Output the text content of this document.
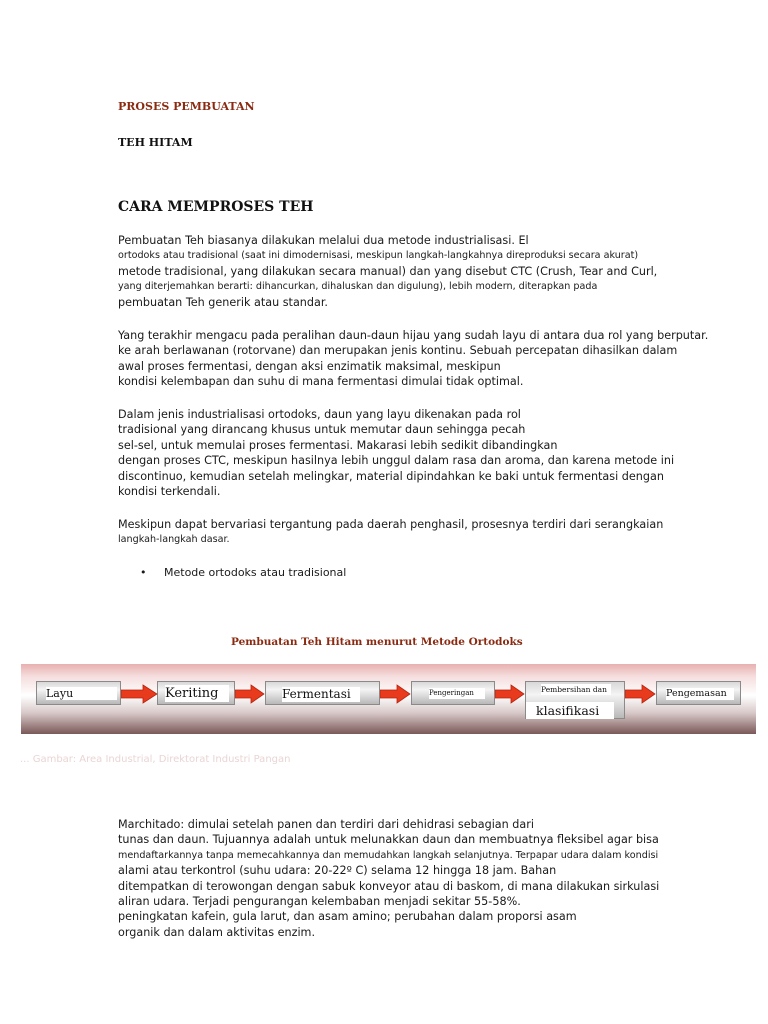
PROSES PEMBUATAN
TEH HITAM
CARA MEMPROSES TEH
Pembuatan Teh biasanya dilakukan melalui dua metode industrialisasi. El
ortodoks atau tradisional (saat ini dimodernisasi, meskipun langkah-langkahnya direproduksi secara akurat)
metode tradisional, yang dilakukan secara manual) dan yang disebut CTC (Crush, Tear and Curl,
yang diterjemahkan berarti: dihancurkan, dihaluskan dan digulung), lebih modern, diterapkan pada
pembuatan Teh generik atau standar.
Yang terakhir mengacu pada peralihan daun-daun hijau yang sudah layu di antara dua rol yang berputar.
ke arah berlawanan (rotorvane) dan merupakan jenis kontinu. Sebuah percepatan dihasilkan dalam
awal proses fermentasi, dengan aksi enzimatik maksimal, meskipun
kondisi kelembapan dan suhu di mana fermentasi dimulai tidak optimal.
Dalam jenis industrialisasi ortodoks, daun yang layu dikenakan pada rol
tradisional yang dirancang khusus untuk memutar daun sehingga pecah
sel-sel, untuk memulai proses fermentasi. Makarasi lebih sedikit dibandingkan
dengan proses CTC, meskipun hasilnya lebih unggul dalam rasa dan aroma, dan karena metode ini
discontinuo, kemudian setelah melingkar, material dipindahkan ke baki untuk fermentasi dengan
kondisi terkendali.
Meskipun dapat bervariasi tergantung pada daerah penghasil, prosesnya terdiri dari serangkaian
langkah-langkah dasar.
• Metode ortodoks atau tradisional
Pembuatan Teh Hitam menurut Metode Ortodoks
Layu	Keriting	Fermentasi	Pengeringan	Pembersihan dan
klasifikasi
Pengemasan
... Gambar: Area Industrial, Direktorat Industri Pangan
Marchitado: dimulai setelah panen dan terdiri dari dehidrasi sebagian dari
tunas dan daun. Tujuannya adalah untuk melunakkan daun dan membuatnya fleksibel agar bisa
mendaftarkannya tanpa memecahkannya dan memudahkan langkah selanjutnya. Terpapar udara dalam kondisi
alami atau terkontrol (suhu udara: 20-22º C) selama 12 hingga 18 jam. Bahan
ditempatkan di terowongan dengan sabuk konveyor atau di baskom, di mana dilakukan sirkulasi
aliran udara. Terjadi pengurangan kelembaban menjadi sekitar 55-58%.
peningkatan kafein, gula larut, dan asam amino; perubahan dalam proporsi asam
organik dan dalam aktivitas enzim.
